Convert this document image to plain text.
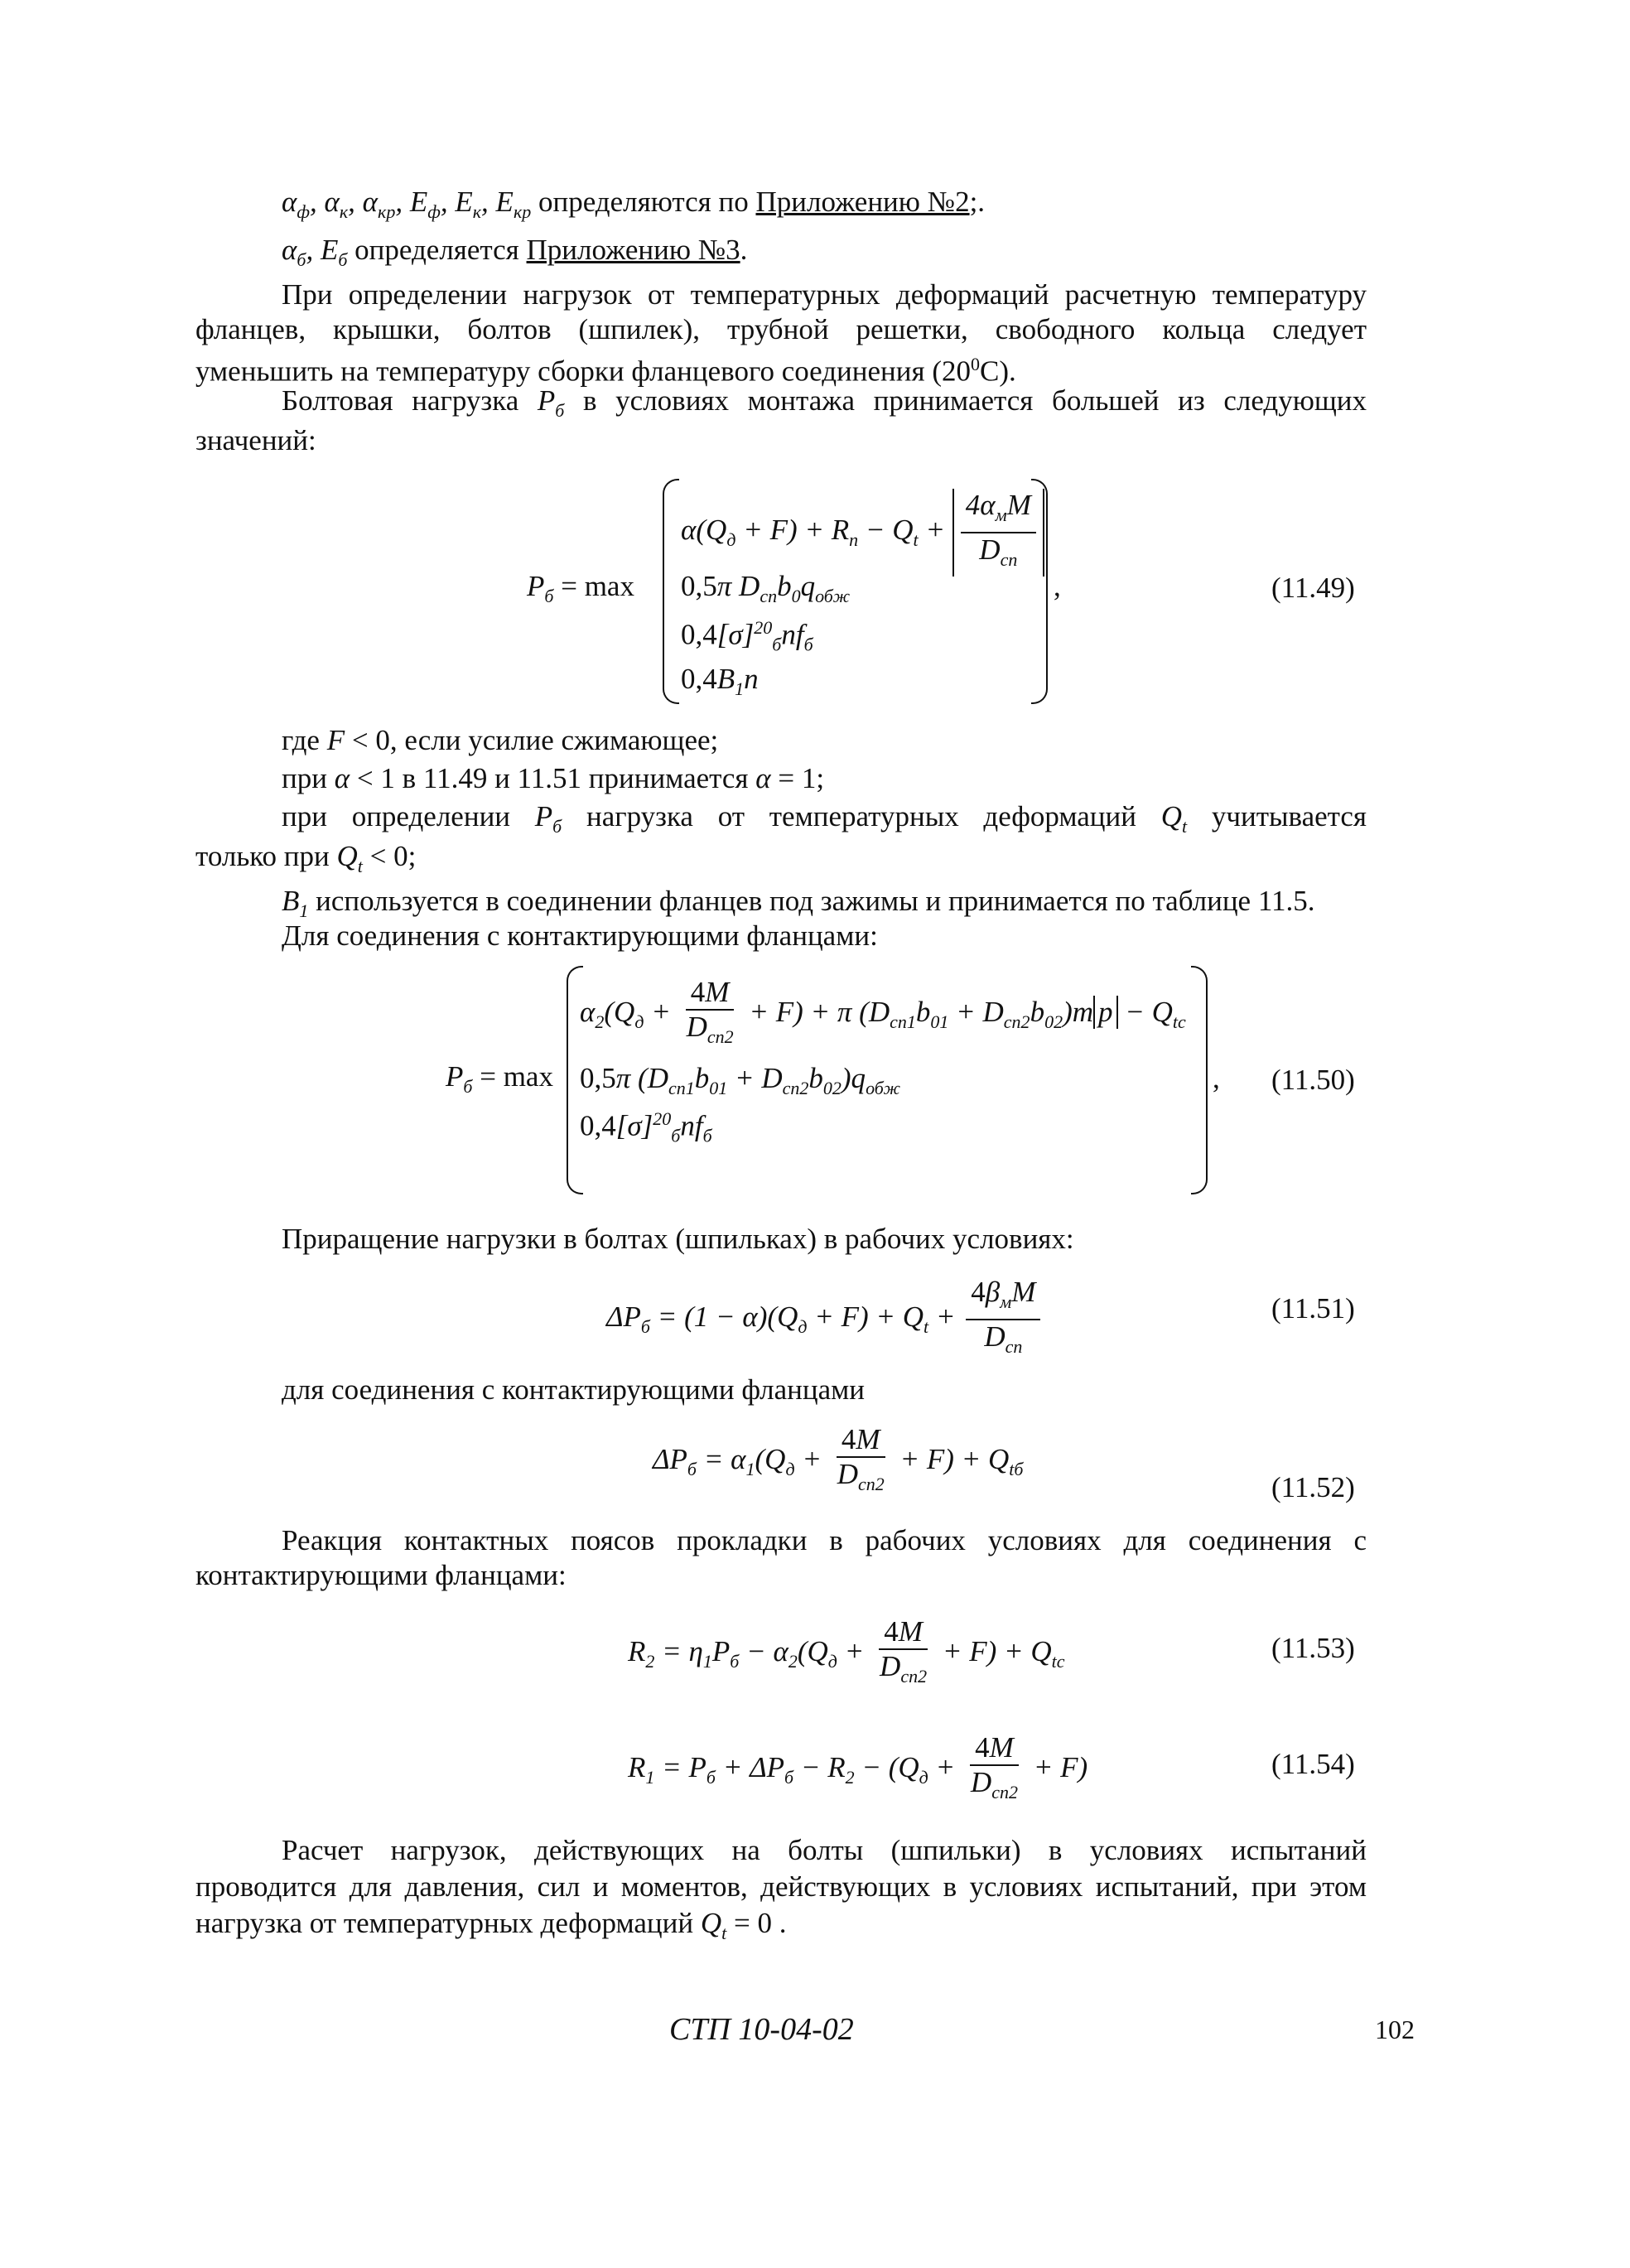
$\alpha_ф$, $\alpha_к$, $\alpha_{кр}$, $E_ф$, $E_к$, $E_{кр}$ определяются по Приложению №2;.
$\alpha_б$, $E_б$ определяется Приложению №3.
При определении нагрузок от температурных деформаций расчетную температуру
фланцев, крышки, болтов (шпилек), трубной решетки, свободного кольца следует
уменьшить на температуру сборки фланцевого соединения $(20^0C)$.
Болтовая нагрузка $P_б$ в условиях монтажа принимается большей из следующих
значений:
$P_б = \max$
$\alpha(Q_д + F) + R_п - Q_t + \frac{4\alpha_мM}{D_{сп}}$
0,5π $D_{сп}b_0q_{обж}$
$0,4[\sigma]^{20}_бnf_б$
$0,4B_1n$
,	(11.49)
где F < 0, если усилие сжимающее;
при α < 1 в 11.49 и 11.51 принимается α = 1;
при определении $P_б$ нагрузка от температурных деформаций $Q_t$ учитывается
только при $Q_t < 0$;
$B_1$ используется в соединении фланцев под зажимы и принимается по таблице 11.5.
Для соединения с контактирующими фланцами:
$P_б = \max$
$\alpha_2(Q_д + \frac{4M}{D_{сп2}} + F) + \pi$ $(D_{сп1}b_{01} + D_{сп2}b_{02})m$ $p - Q_{tc}$
0,5π $(D_{сп1}b_{01} + D_{сп2}b_{02})q_{обж}$
$0,4[\sigma]^{20}_бnf_б$
, (11.50)
Приращение нагрузки в болтах (шпильках) в рабочих условиях:
$\Delta P_б = (1 - \alpha)(Q_д + F) + Q_t + \frac{4\beta_мM}{D_{сп}}$	(11.51)
для соединения с контактирующими фланцами
$\Delta P_б = \alpha_1(Q_д + \frac{4M}{D_{сп2}} + F) + Q_{tб}$
(11.52)
Реакция контактных поясов прокладки в рабочих условиях для соединения с
контактирующими фланцами:
$R_2 = \eta_1P_б - \alpha_2(Q_д + \frac{4M}{D_{сп2}} + F) + Q_{tc}$	(11.53)
$R_1 = P_б + \Delta P_б - R_2 - (Q_д + \frac{4M}{D_{сп2}} + F)$	(11.54)
Расчет нагрузок, действующих на болты (шпильки) в условиях испытаний
проводится для давления, сил и моментов, действующих в условиях испытаний, при этом
нагрузка от температурных деформаций $Q_t = 0$ .
СТП 10-04-02	102
